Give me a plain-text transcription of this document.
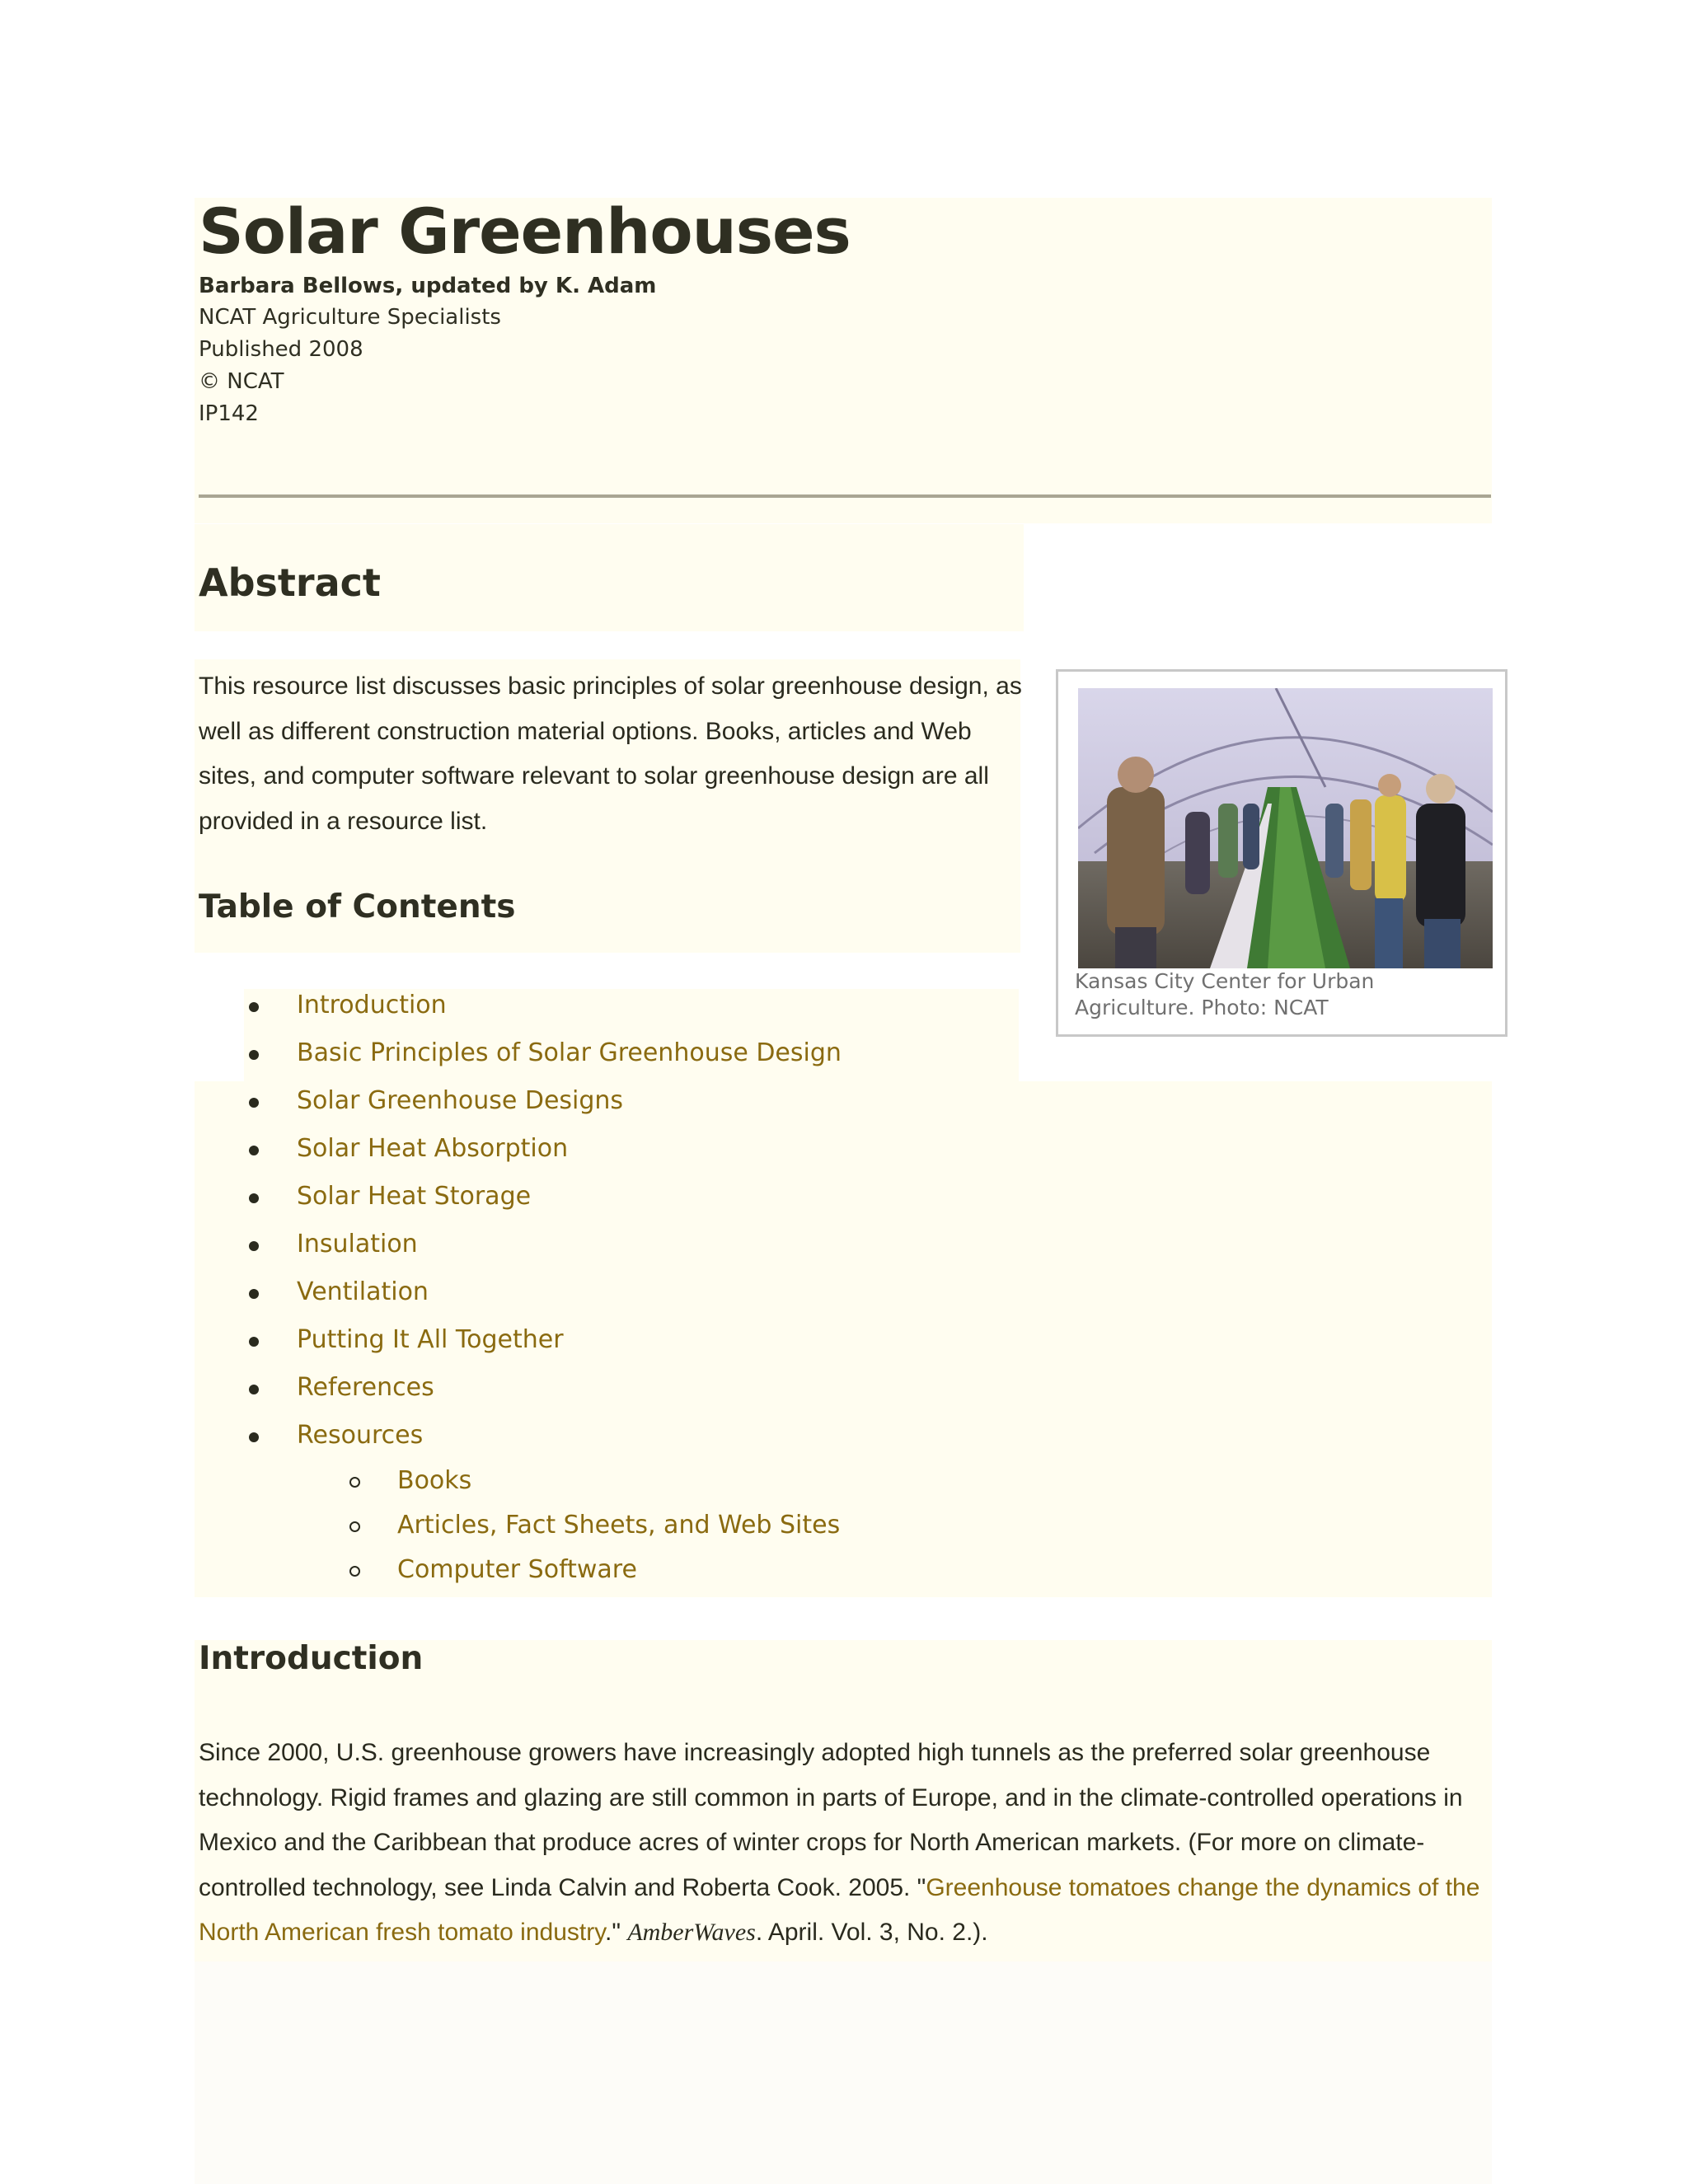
Solar Greenhouses
Barbara Bellows, updated by K. Adam
NCAT Agriculture Specialists
Published 2008
© NCAT
IP142
Abstract

This resource list discusses basic principles of solar greenhouse design, as well as different construction material options. Books, articles and Web sites, and computer software relevant to solar greenhouse design are all provided in a resource list.

Table of Contents
Kansas City Center for Urban Agriculture. Photo: NCAT
Introduction
Basic Principles of Solar Greenhouse Design
Solar Greenhouse Designs
Solar Heat Absorption
Solar Heat Storage
Insulation
Ventilation
Putting It All Together
References
Resources
Books
Articles, Fact Sheets, and Web Sites
Computer Software
Introduction

Since 2000, U.S. greenhouse growers have increasingly adopted high tunnels as the preferred solar greenhouse technology. Rigid frames and glazing are still common in parts of Europe, and in the climate-controlled operations in Mexico and the Caribbean that produce acres of winter crops for North American markets. (For more on climate-controlled technology, see Linda Calvin and Roberta Cook. 2005. "Greenhouse tomatoes change the dynamics of the North American fresh tomato industry." AmberWaves. April. Vol. 3, No. 2.).
